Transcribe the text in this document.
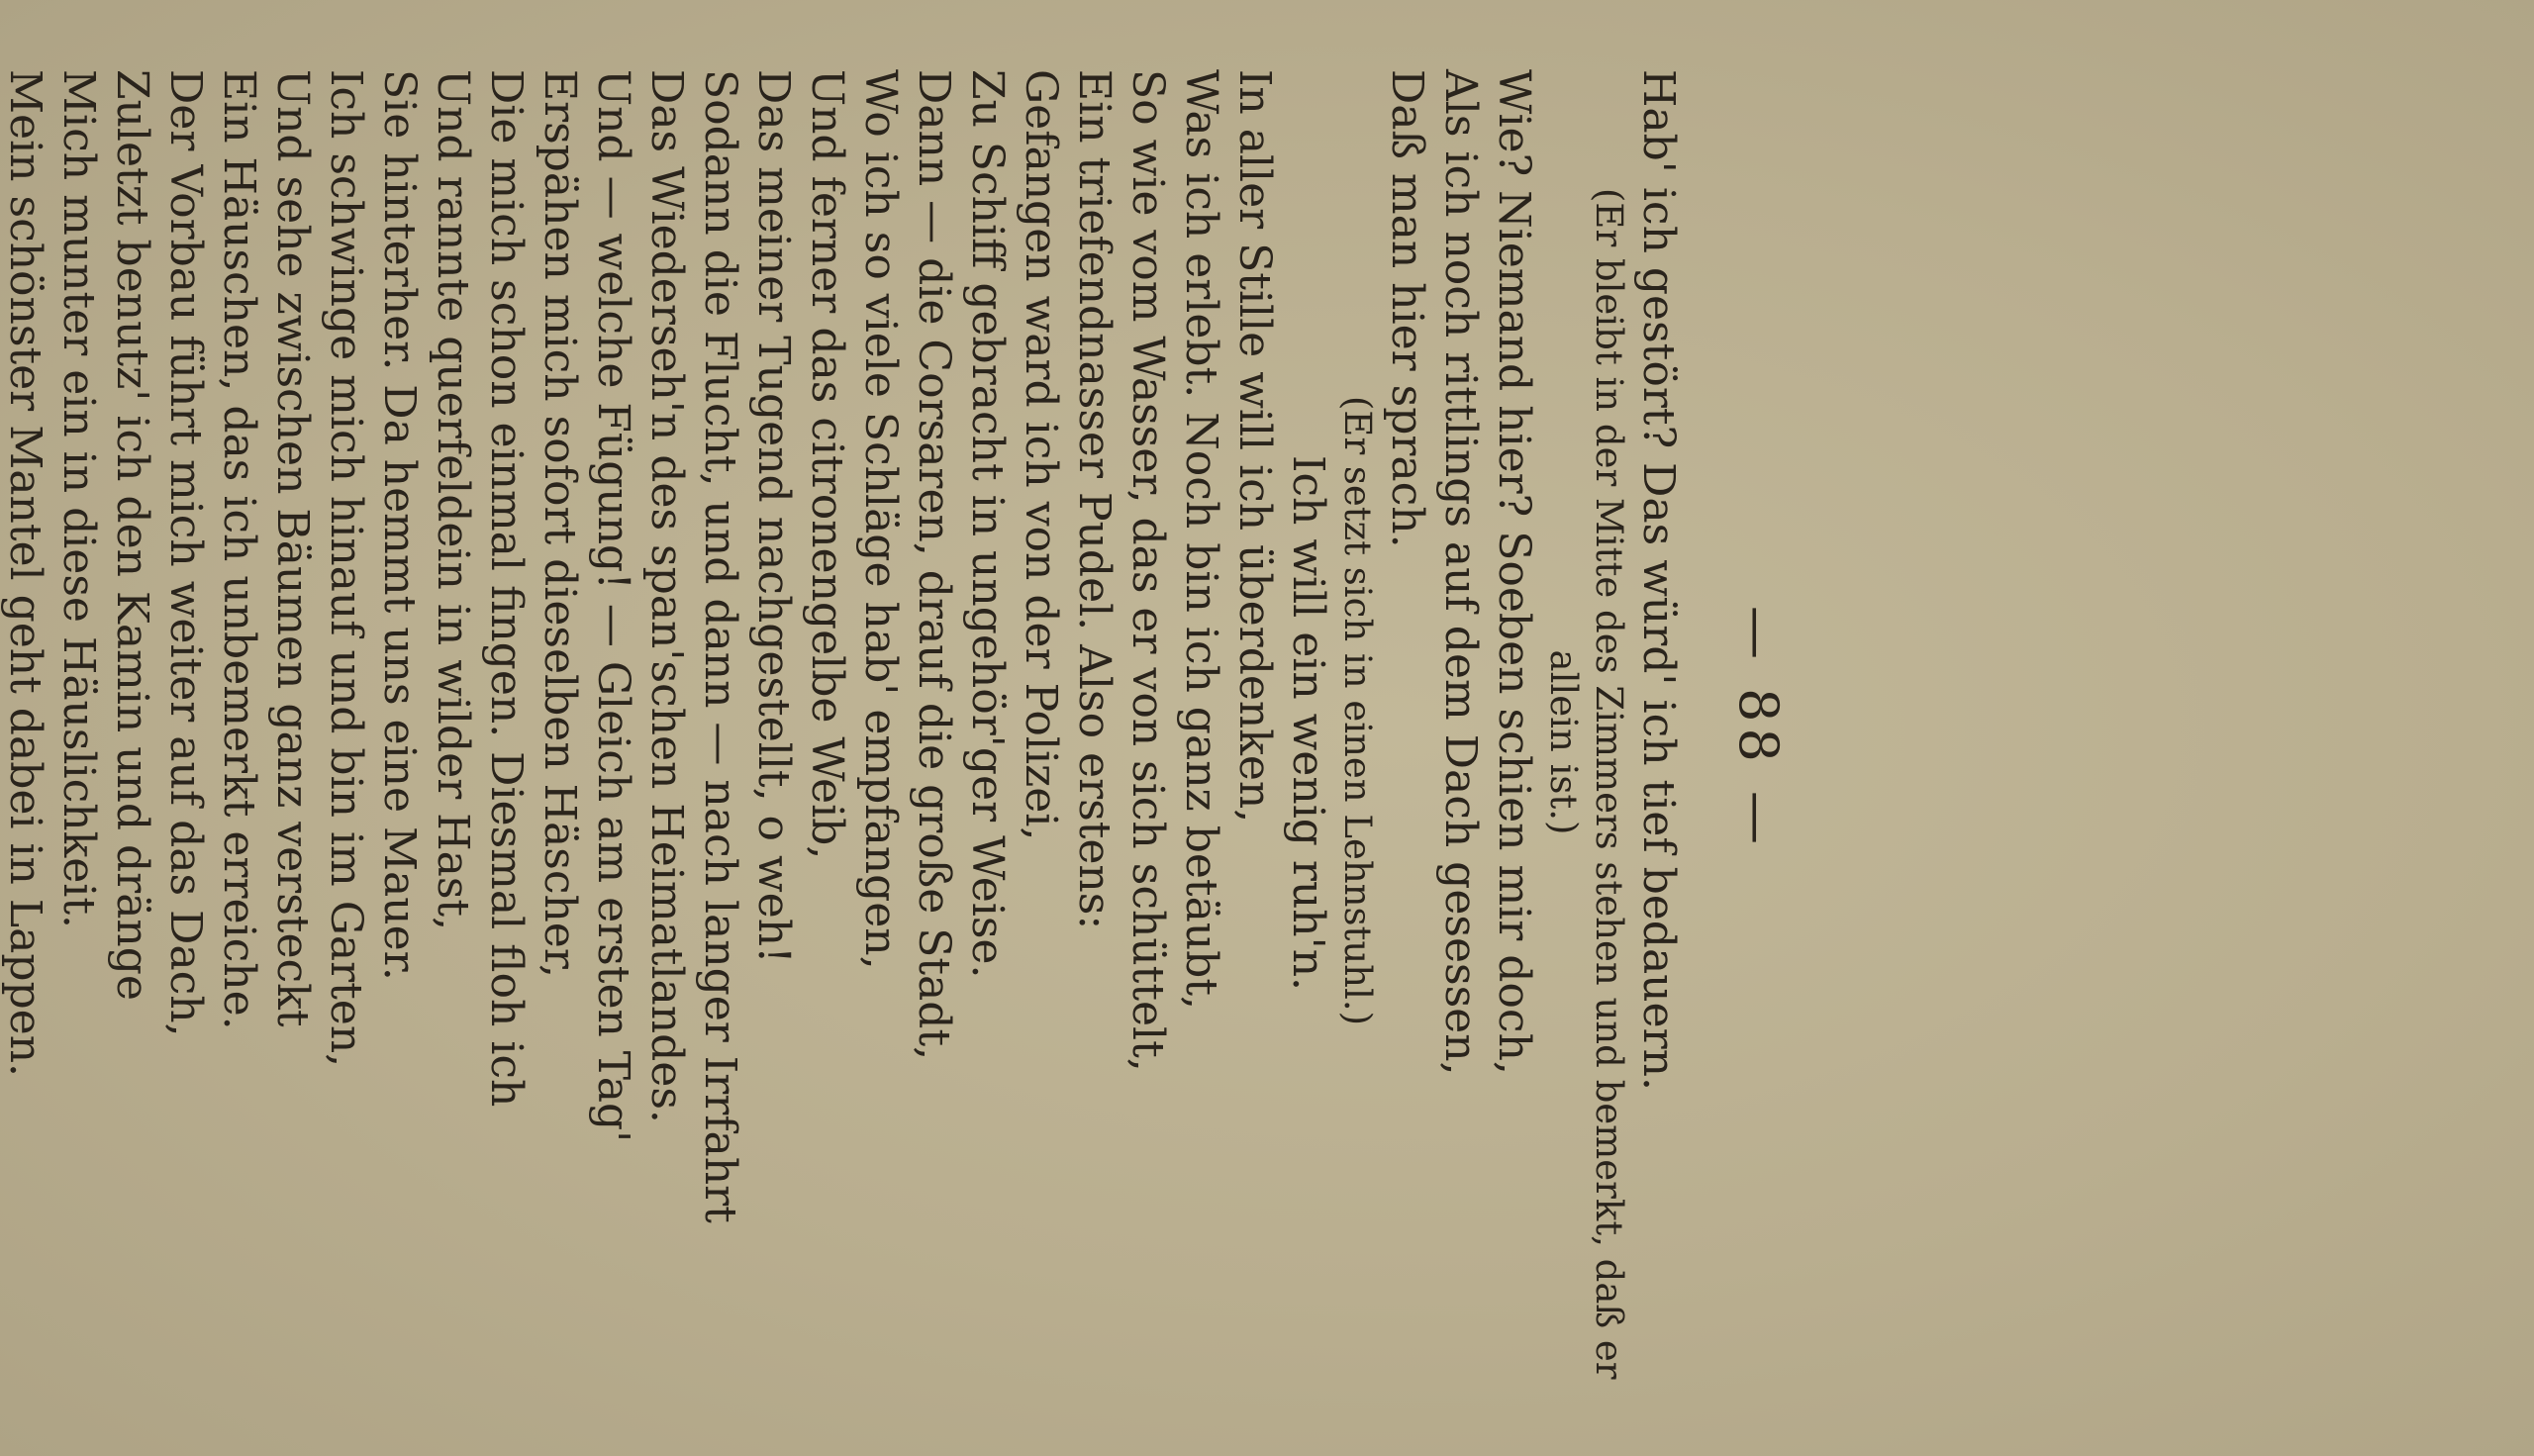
— 88 —
Hab' ich gestört? Das würd' ich tief bedauern.
(Er bleibt in der Mitte des Zimmers stehen und bemerkt, daß er
allein ist.)
Wie? Niemand hier? Soeben schien mir doch,
Als ich noch rittlings auf dem Dach gesessen,
Daß man hier sprach.
(Er setzt sich in einen Lehnstuhl.)
Ich will ein wenig ruh'n.
In aller Stille will ich überdenken,
Was ich erlebt. Noch bin ich ganz betäubt,
So wie vom Wasser, das er von sich schüttelt,
Ein triefendnasser Pudel. Also erstens:
Gefangen ward ich von der Polizei,
Zu Schiff gebracht in ungehör'ger Weise.
Dann — die Corsaren, drauf die große Stadt,
Wo ich so viele Schläge hab' empfangen,
Und ferner das citronengelbe Weib,
Das meiner Tugend nachgestellt, o weh!
Sodann die Flucht, und dann — nach langer Irrfahrt
Das Wiederseh'n des span'schen Heimatlandes.
Und — welche Fügung! — Gleich am ersten Tag'
Erspähen mich sofort dieselben Häscher,
Die mich schon einmal fingen. Diesmal floh ich
Und rannte querfeldein in wilder Hast,
Sie hinterher. Da hemmt uns eine Mauer.
Ich schwinge mich hinauf und bin im Garten,
Und sehe zwischen Bäumen ganz versteckt
Ein Häuschen, das ich unbemerkt erreiche.
Der Vorbau führt mich weiter auf das Dach,
Zuletzt benutz' ich den Kamin und dränge
Mich munter ein in diese Häuslichkeit.
Mein schönster Mantel geht dabei in Lappen.
